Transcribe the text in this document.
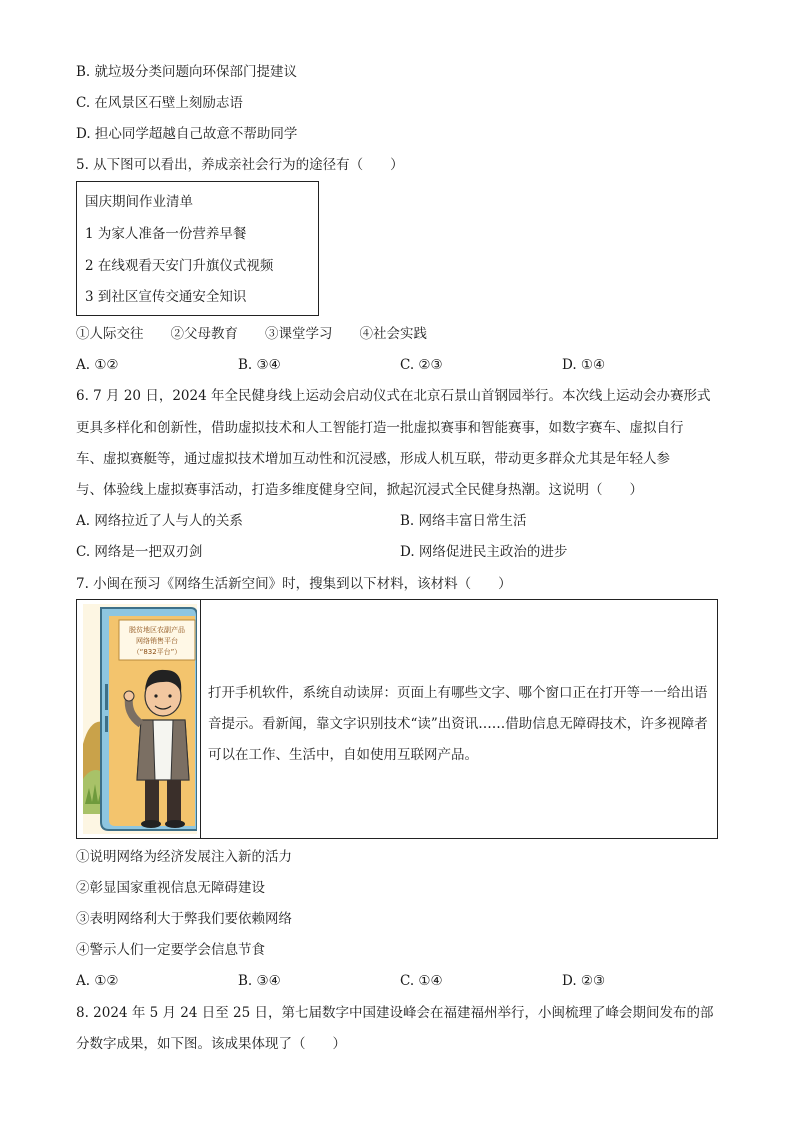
B. 就垃圾分类问题向环保部门提建议
C. 在风景区石壁上刻励志语
D. 担心同学超越自己故意不帮助同学
5. 从下图可以看出，养成亲社会行为的途径有（　　）
国庆期间作业清单
1 为家人准备一份营养早餐
2 在线观看天安门升旗仪式视频
3 到社区宣传交通安全知识
①人际交往　　②父母教育　　③课堂学习　　④社会实践
A. ①②	B. ③④	C. ②③	D. ①④
6. 7 月 20 日，2024 年全民健身线上运动会启动仪式在北京石景山首钢园举行。本次线上运动会办赛形式
更具多样化和创新性，借助虚拟技术和人工智能打造一批虚拟赛事和智能赛事，如数字赛车、虚拟自行
车、虚拟赛艇等，通过虚拟技术增加互动性和沉浸感，形成人机互联，带动更多群众尤其是年轻人参
与、体验线上虚拟赛事活动，打造多维度健身空间，掀起沉浸式全民健身热潮。这说明（　　）
A. 网络拉近了人与人的关系	B. 网络丰富日常生活
C. 网络是一把双刃剑	D. 网络促进民主政治的进步
7. 小闽在预习《网络生活新空间》时，搜集到以下材料，该材料（　　）
脱贫地区农副产品
网络销售平台
（“832平台”）
打开手机软件，系统自动读屏：页面上有哪些文字、哪个窗口正在打开等一一给出语音提示。看新闻，靠文字识别技术“读”出资讯……借助信息无障碍技术，许多视障者可以在工作、生活中，自如使用互联网产品。
①说明网络为经济发展注入新的活力
②彰显国家重视信息无障碍建设
③表明网络利大于弊我们要依赖网络
④警示人们一定要学会信息节食
A. ①②	B. ③④	C. ①④	D. ②③
8. 2024 年 5 月 24 日至 25 日，第七届数字中国建设峰会在福建福州举行，小闽梳理了峰会期间发布的部
分数字成果，如下图。该成果体现了（　　）
